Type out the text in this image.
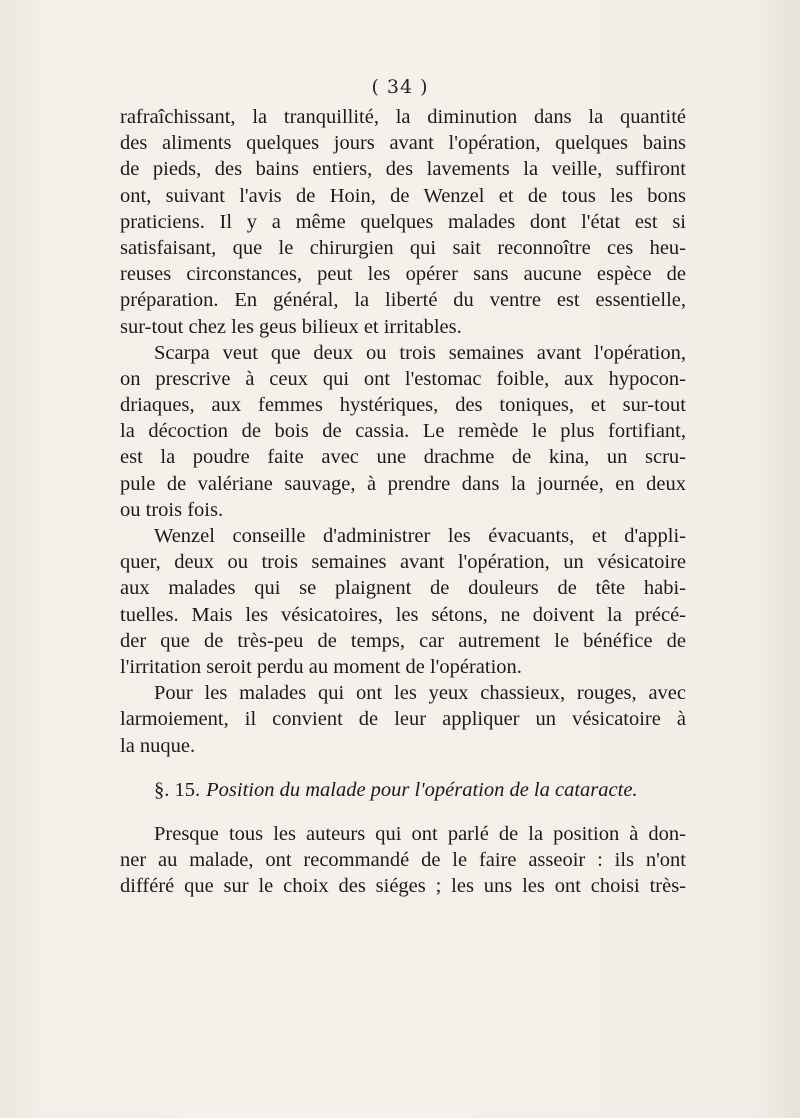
( 34 )
rafraîchissant, la tranquillité, la diminution dans la quantité
des aliments quelques jours avant l'opération, quelques bains
de pieds, des bains entiers, des lavements la veille, suffiront
ont, suivant l'avis de Hoin, de Wenzel et de tous les bons
praticiens. Il y a même quelques malades dont l'état est si
satisfaisant, que le chirurgien qui sait reconnoître ces heu-
reuses circonstances, peut les opérer sans aucune espèce de
préparation. En général, la liberté du ventre est essentielle,
sur-tout chez les geus bilieux et irritables.
Scarpa veut que deux ou trois semaines avant l'opération,
on prescrive à ceux qui ont l'estomac foible, aux hypocon-
driaques, aux femmes hystériques, des toniques, et sur-tout
la décoction de bois de cassia. Le remède le plus fortifiant,
est la poudre faite avec une drachme de kina, un scru-
pule de valériane sauvage, à prendre dans la journée, en deux
ou trois fois.
Wenzel conseille d'administrer les évacuants, et d'appli-
quer, deux ou trois semaines avant l'opération, un vésicatoire
aux malades qui se plaignent de douleurs de tête habi-
tuelles. Mais les vésicatoires, les sétons, ne doivent la précé-
der que de très-peu de temps, car autrement le bénéfice de
l'irritation seroit perdu au moment de l'opération.
Pour les malades qui ont les yeux chassieux, rouges, avec
larmoiement, il convient de leur appliquer un vésicatoire à
la nuque.
§. 15. Position du malade pour l'opération de la cataracte.
Presque tous les auteurs qui ont parlé de la position à don-
ner au malade, ont recommandé de le faire asseoir : ils n'ont
différé que sur le choix des siéges ; les uns les ont choisi très-
